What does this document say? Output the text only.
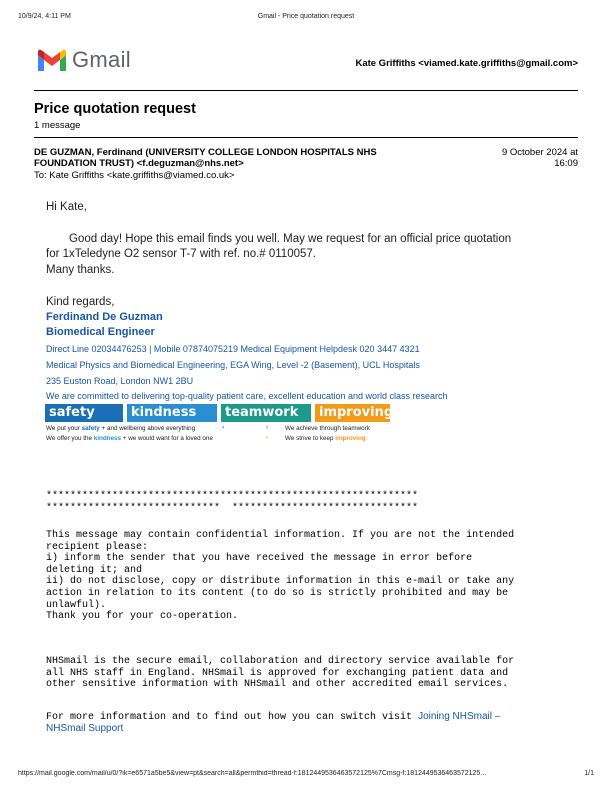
10/9/24, 4:11 PM	Gmail - Price quotation request
Gmail	Kate Griffiths <viamed.kate.griffiths@gmail.com>
Price quotation request
1 message
DE GUZMAN, Ferdinand (UNIVERSITY COLLEGE LONDON HOSPITALS NHS
FOUNDATION TRUST) <f.deguzman@nhs.net>
9 October 2024 at
16:09
To: Kate Griffiths <kate.griffiths@viamed.co.uk>
Hi Kate,
Good day! Hope this email finds you well. May we request for an official price quotation
for 1xTeledyne O2 sensor T-7 with ref. no.# 0110057.
Many thanks.
Kind regards,
Ferdinand De Guzman
Biomedical Engineer
Direct Line 02034476253 | Mobile 07874075219 Medical Equipment Helpdesk 020 3447 4321
Medical Physics and Biomedical Engineering, EGA Wing, Level -2 (Basement), UCL Hospitals
235 Euston Road, London NW1 2BU
We are committed to delivering top-quality patient care, excellent education and world class research
safety	kindness	teamwork	improving
We put your safety + and wellbeing above everything	›	We achieve through teamwork
›
We offer you the kindness + we would want for a loved one	›	We strive to keep improving
**************************************************************
*****************************  *******************************
This message may contain confidential information. If you are not the intended
recipient please:
i) inform the sender that you have received the message in error before
deleting it; and
ii) do not disclose, copy or distribute information in this e-mail or take any
action in relation to its content (to do so is strictly prohibited and may be
unlawful).
Thank you for your co-operation.
NHSmail is the secure email, collaboration and directory service available for
all NHS staff in England. NHSmail is approved for exchanging patient data and
other sensitive information with NHSmail and other accredited email services.
For more information and to find out how you can switch visit Joining NHSmail –
NHSmail Support
https://mail.google.com/mail/u/0/?ik=e6571a5be5&view=pt&search=all&permthid=thread-f:1812449536463572125%7Cmsg-f:1812449536463572125...	1/1
